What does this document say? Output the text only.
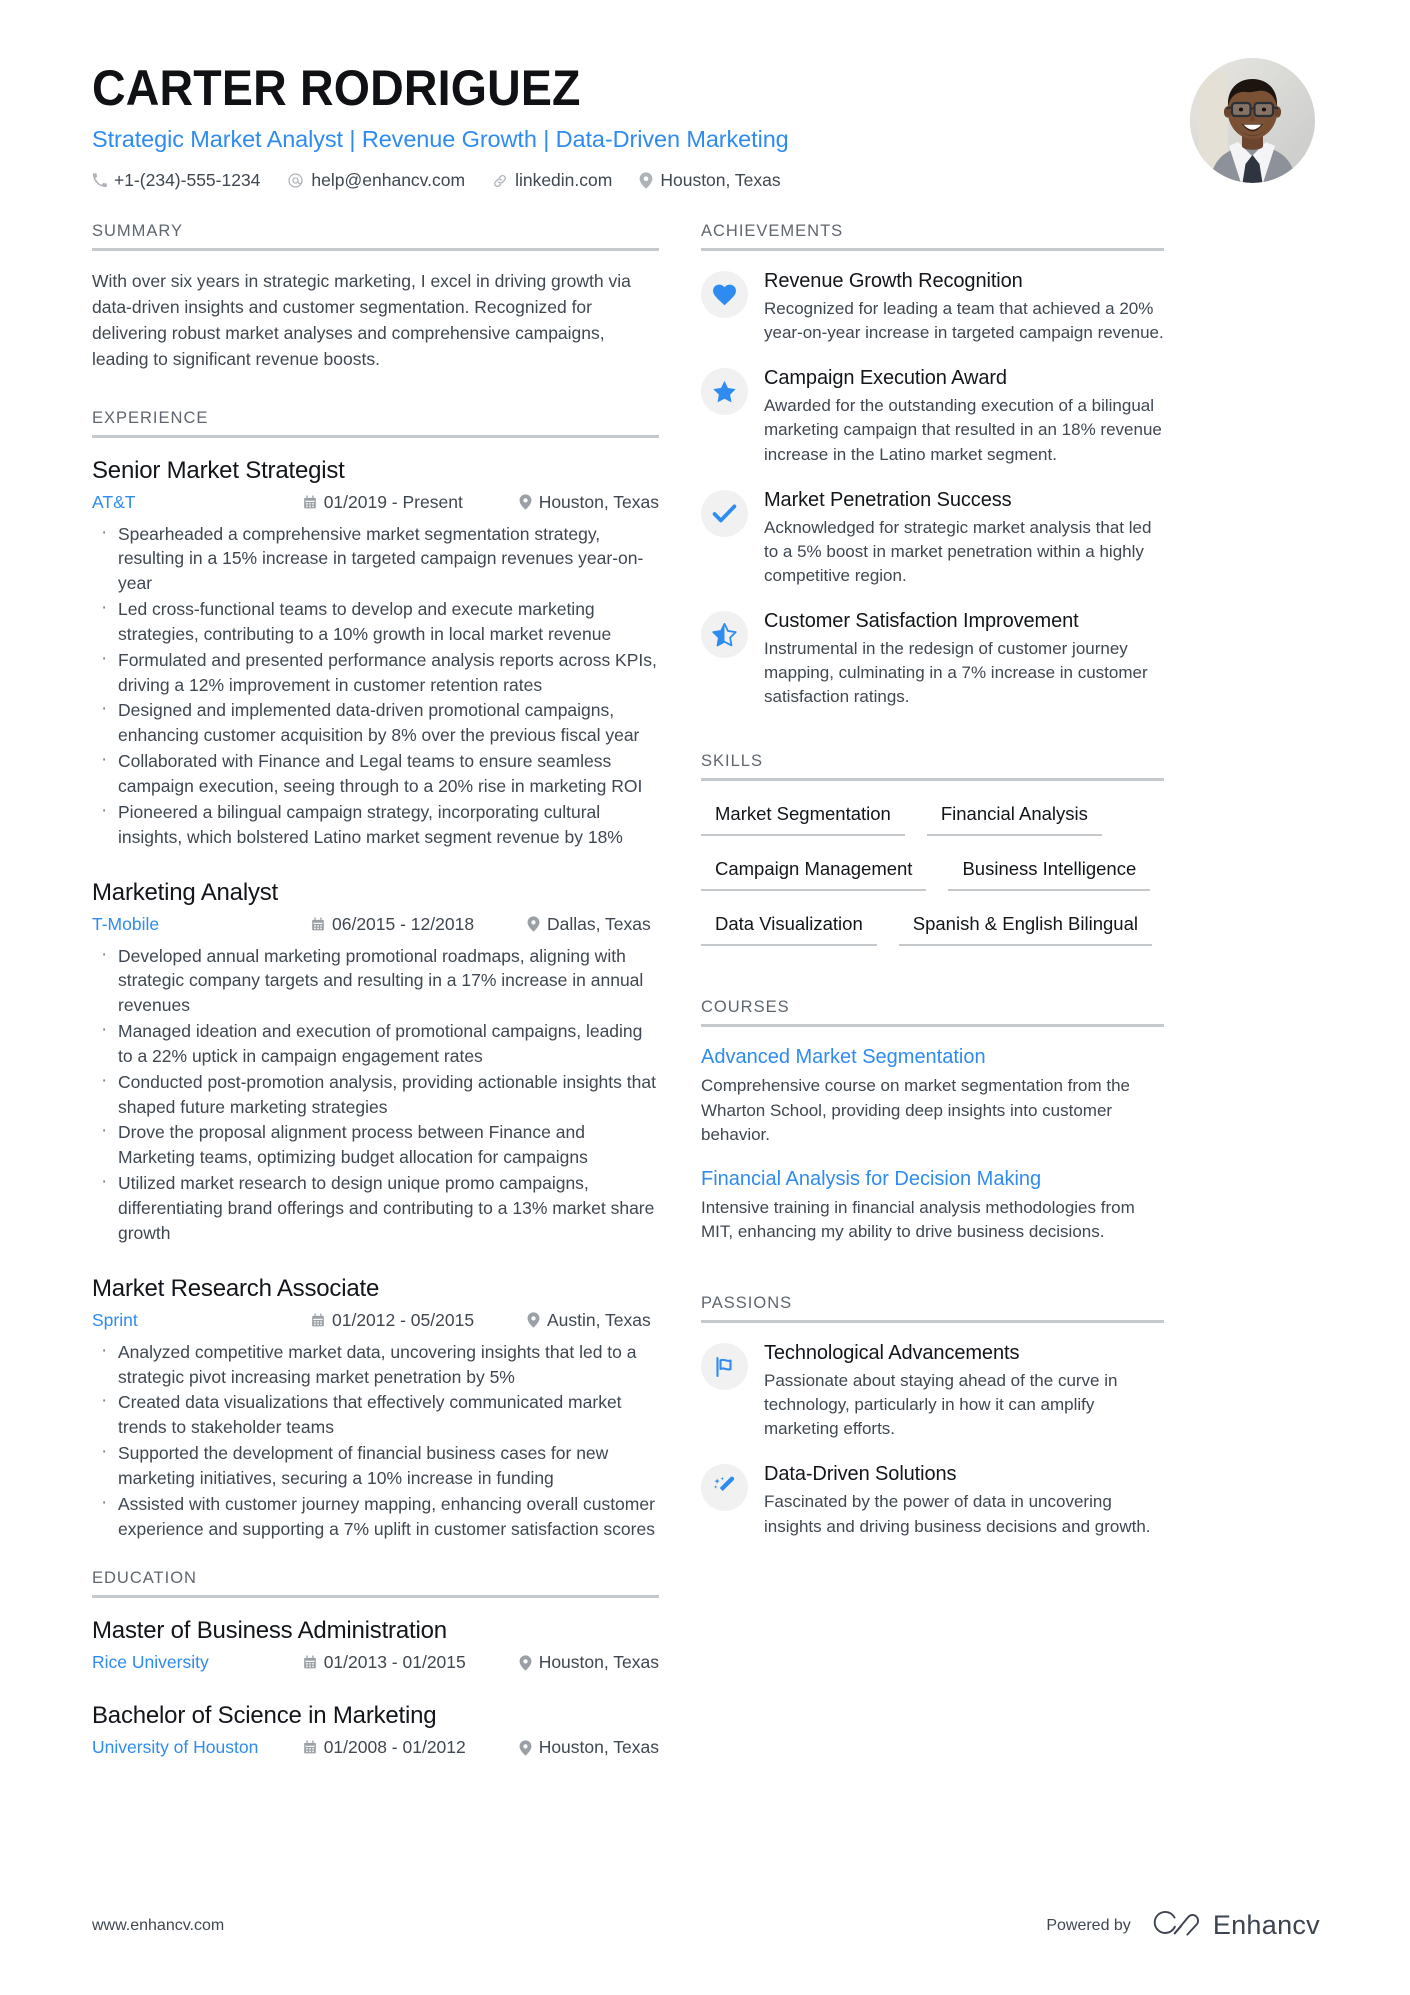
CARTER RODRIGUEZ
Strategic Market Analyst | Revenue Growth | Data-Driven Marketing
+1-(234)-555-1234	help@enhancv.com	linkedin.com	Houston, Texas
SUMMARY
With over six years in strategic marketing, I excel in driving growth via data-driven insights and customer segmentation. Recognized for delivering robust market analyses and comprehensive campaigns, leading to significant revenue boosts.
EXPERIENCE
Senior Market Strategist
AT&T	01/2019 - Present	Houston, Texas
· Spearheaded a comprehensive market segmentation strategy, resulting in a 15% increase in targeted campaign revenues year-on-year
· Led cross-functional teams to develop and execute marketing strategies, contributing to a 10% growth in local market revenue
· Formulated and presented performance analysis reports across KPIs, driving a 12% improvement in customer retention rates
· Designed and implemented data-driven promotional campaigns, enhancing customer acquisition by 8% over the previous fiscal year
· Collaborated with Finance and Legal teams to ensure seamless campaign execution, seeing through to a 20% rise in marketing ROI
· Pioneered a bilingual campaign strategy, incorporating cultural insights, which bolstered Latino market segment revenue by 18%
Marketing Analyst
T-Mobile	06/2015 - 12/2018	Dallas, Texas
· Developed annual marketing promotional roadmaps, aligning with strategic company targets and resulting in a 17% increase in annual revenues
· Managed ideation and execution of promotional campaigns, leading to a 22% uptick in campaign engagement rates
· Conducted post-promotion analysis, providing actionable insights that shaped future marketing strategies
· Drove the proposal alignment process between Finance and Marketing teams, optimizing budget allocation for campaigns
· Utilized market research to design unique promo campaigns, differentiating brand offerings and contributing to a 13% market share growth
Market Research Associate
Sprint	01/2012 - 05/2015	Austin, Texas
· Analyzed competitive market data, uncovering insights that led to a strategic pivot increasing market penetration by 5%
· Created data visualizations that effectively communicated market trends to stakeholder teams
· Supported the development of financial business cases for new marketing initiatives, securing a 10% increase in funding
· Assisted with customer journey mapping, enhancing overall customer experience and supporting a 7% uplift in customer satisfaction scores
EDUCATION
Master of Business Administration
Rice University	01/2013 - 01/2015	Houston, Texas
Bachelor of Science in Marketing
University of Houston	01/2008 - 01/2012	Houston, Texas
ACHIEVEMENTS
Revenue Growth Recognition
Recognized for leading a team that achieved a 20% year-on-year increase in targeted campaign revenue.
Campaign Execution Award
Awarded for the outstanding execution of a bilingual marketing campaign that resulted in an 18% revenue increase in the Latino market segment.
Market Penetration Success
Acknowledged for strategic market analysis that led to a 5% boost in market penetration within a highly competitive region.
Customer Satisfaction Improvement
Instrumental in the redesign of customer journey mapping, culminating in a 7% increase in customer satisfaction ratings.
SKILLS
Market Segmentation	Financial Analysis
Campaign Management	Business Intelligence
Data Visualization	Spanish & English Bilingual
COURSES
Advanced Market Segmentation
Comprehensive course on market segmentation from the Wharton School, providing deep insights into customer behavior.
Financial Analysis for Decision Making
Intensive training in financial analysis methodologies from MIT, enhancing my ability to drive business decisions.
PASSIONS
Technological Advancements
Passionate about staying ahead of the curve in technology, particularly in how it can amplify marketing efforts.
Data-Driven Solutions
Fascinated by the power of data in uncovering insights and driving business decisions and growth.
www.enhancv.com	Powered by	Enhancv
